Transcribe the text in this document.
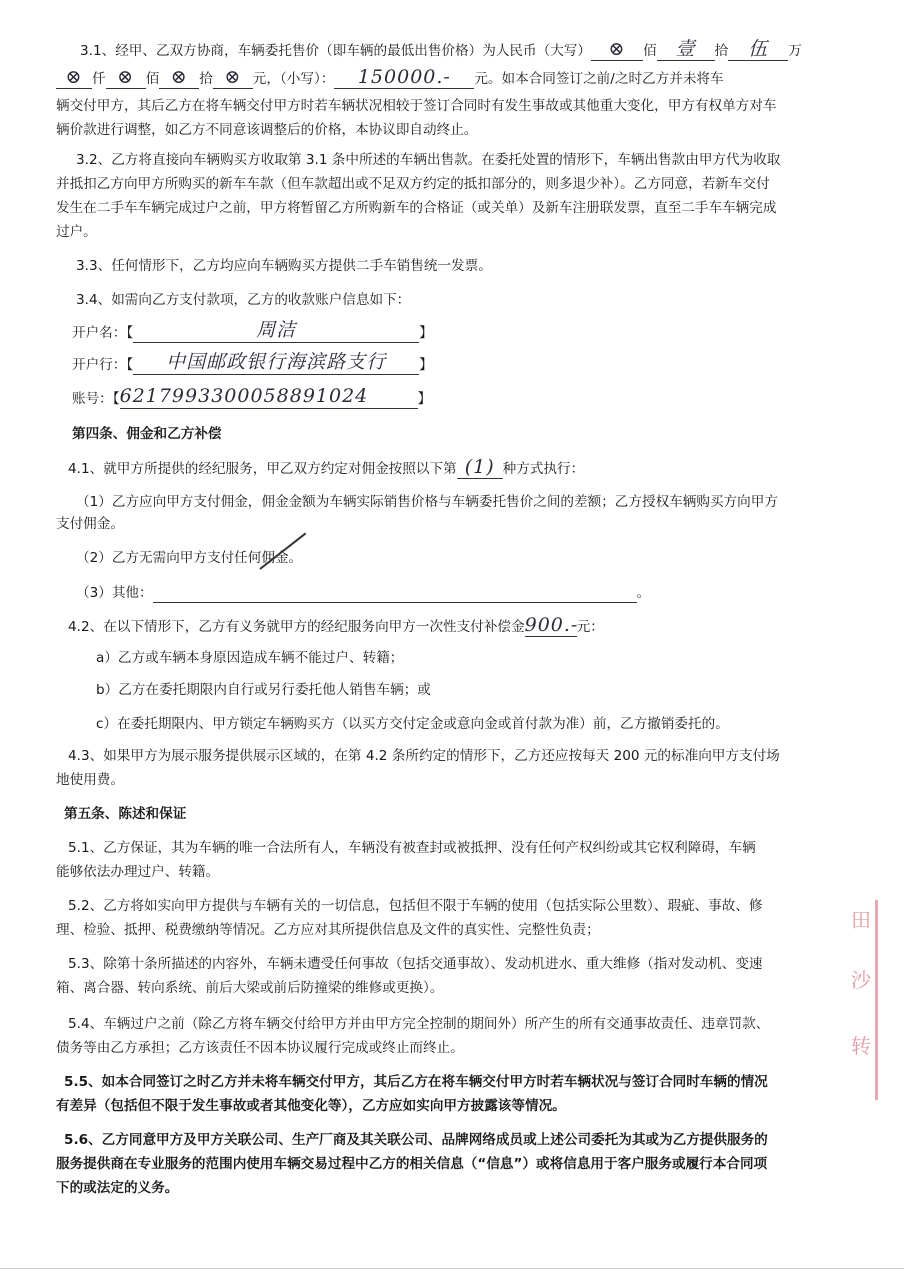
3.1、经甲、乙双方协商，车辆委托售价（即车辆的最低出售价格）为人民币（大写） ⊗ 佰 壹 拾 伍 万
⊗ 仟 ⊗ 佰 ⊗ 拾 ⊗ 元，（小写）： 150000.- 元。如本合同签订之前/之时乙方并未将车
辆交付甲方，其后乙方在将车辆交付甲方时若车辆状况相较于签订合同时有发生事故或其他重大变化，甲方有权单方对车
辆价款进行调整，如乙方不同意该调整后的价格，本协议即自动终止。
3.2、乙方将直接向车辆购买方收取第 3.1 条中所述的车辆出售款。在委托处置的情形下，车辆出售款由甲方代为收取
并抵扣乙方向甲方所购买的新车车款（但车款超出或不足双方约定的抵扣部分的，则多退少补）。乙方同意，若新车交付
发生在二手车车辆完成过户之前，甲方将暂留乙方所购新车的合格证（或关单）及新车注册联发票，直至二手车车辆完成
过户。
3.3、任何情形下，乙方均应向车辆购买方提供二手车销售统一发票。
3.4、如需向乙方支付款项，乙方的收款账户信息如下：
开户名：【	周洁	】
开户行：【 中国邮政银行海滨路支行 】
账号：【6217993300058891024	】
第四条、佣金和乙方补偿
4.1、就甲方所提供的经纪服务，甲乙双方约定对佣金按照以下第 (1) 种方式执行：
（1）乙方应向甲方支付佣金，佣金金额为车辆实际销售价格与车辆委托售价之间的差额；乙方授权车辆购买方向甲方
支付佣金。
（2）乙方无需向甲方支付任何佣金。
（3）其他：	。
4.2、在以下情形下，乙方有义务就甲方的经纪服务向甲方一次性支付补偿金900.-元：
a）乙方或车辆本身原因造成车辆不能过户、转籍；
b）乙方在委托期限内自行或另行委托他人销售车辆；或
c）在委托期限内、甲方锁定车辆购买方（以买方交付定金或意向金或首付款为准）前，乙方撤销委托的。
4.3、如果甲方为展示服务提供展示区域的，在第 4.2 条所约定的情形下，乙方还应按每天 200 元的标准向甲方支付场
地使用费。
第五条、陈述和保证
5.1、乙方保证，其为车辆的唯一合法所有人，车辆没有被查封或被抵押、没有任何产权纠纷或其它权利障碍，车辆
能够依法办理过户、转籍。
5.2、乙方将如实向甲方提供与车辆有关的一切信息，包括但不限于车辆的使用（包括实际公里数）、瑕疵、事故、修
理、检验、抵押、税费缴纳等情况。乙方应对其所提供信息及文件的真实性、完整性负责；
5.3、除第十条所描述的内容外，车辆未遭受任何事故（包括交通事故）、发动机进水、重大维修（指对发动机、变速
箱、离合器、转向系统、前后大梁或前后防撞梁的维修或更换）。
5.4、车辆过户之前（除乙方将车辆交付给甲方并由甲方完全控制的期间外）所产生的所有交通事故责任、违章罚款、
债务等由乙方承担；乙方该责任不因本协议履行完成或终止而终止。
5.5、如本合同签订之时乙方并未将车辆交付甲方，其后乙方在将车辆交付甲方时若车辆状况与签订合同时车辆的情况
有差异（包括但不限于发生事故或者其他变化等），乙方应如实向甲方披露该等情况。
5.6、乙方同意甲方及甲方关联公司、生产厂商及其关联公司、品牌网络成员或上述公司委托为其或为乙方提供服务的
服务提供商在专业服务的范围内使用车辆交易过程中乙方的相关信息（“信息”）或将信息用于客户服务或履行本合同项
下的或法定的义务。
田
沙
转
